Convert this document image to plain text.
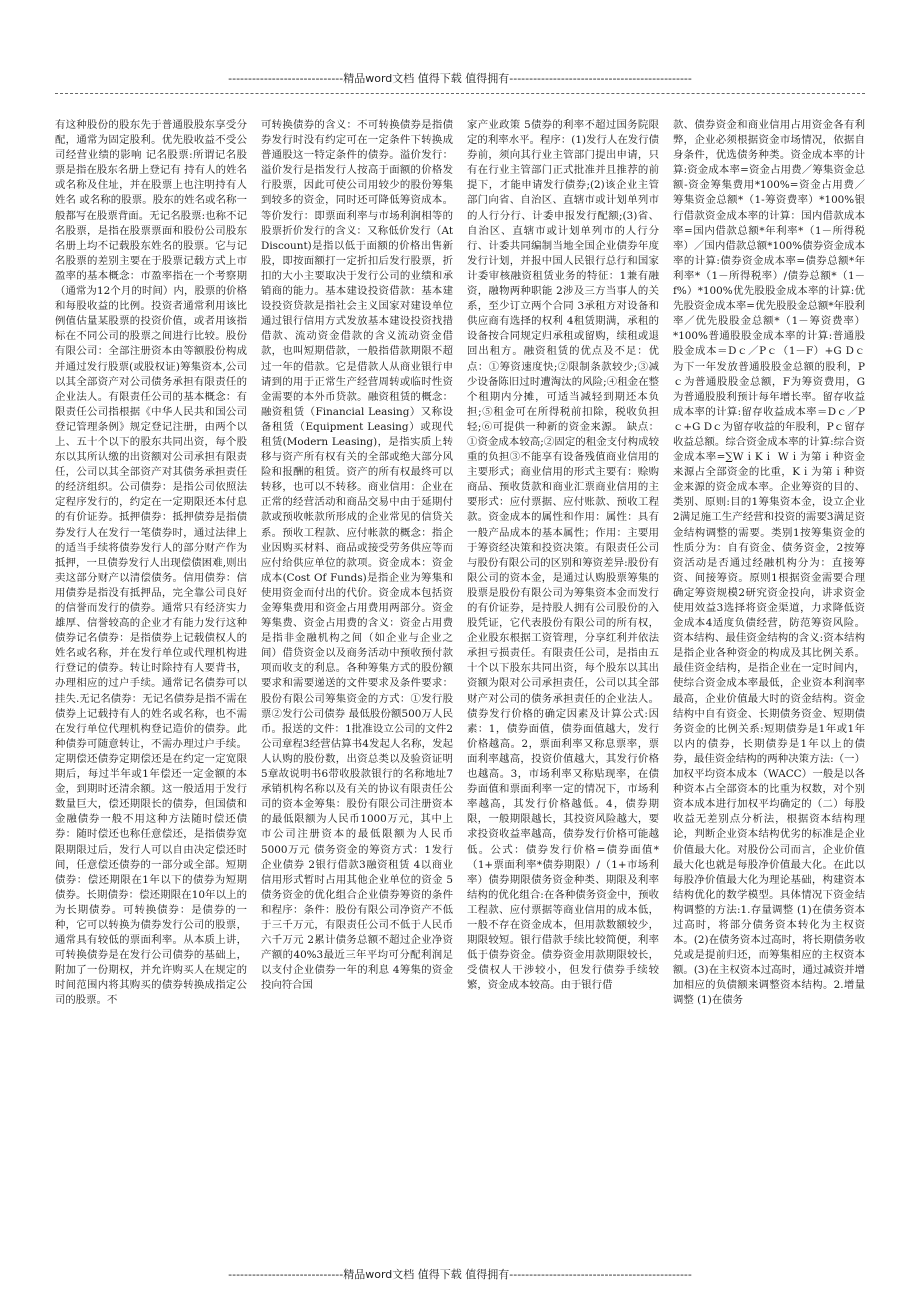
-----------------------------精品word文档 值得下载 值得拥有----------------------------------------------

有这种股份的股东先于普通股股东享受分配，通常为固定股利。优先股收益不受公司经营业绩的影响 记名股票:所谓记名股票是指在股东名册上登记有 持有人的姓名或名称及住址，并在股票上也注明持有人姓名 或名称的股票。股东的姓名或名称一般都写在股票背面。无记名股票:也称不记名股票，是指在股票票面和股份公司股东名册上均不记载股东姓名的股票。它与记名股票的差别主要在于股票记载方式上市盈率的基本概念：市盈率指在一个考察期（通常为12个月的时间）内，股票的价格和每股收益的比例。投资者通常利用该比例值估量某股票的投资价值，或者用该指标在不同公司的股票之间进行比较。股份有限公司：全部注册资本由等额股份构成并通过发行股票(或股权证)筹集资本,公司以其全部资产对公司债务承担有限责任的企业法人。有限责任公司的基本概念：有限责任公司指根据《中华人民共和国公司登记管理条例》规定登记注册，由两个以上、五十个以下的股东共同出资，每个股东以其所认缴的出资额对公司承担有限责任，公司以其全部资产对其债务承担责任的经济组织。公司债券：是指公司依照法定程序发行的，约定在一定期限还本付息的有价证券。抵押债券：抵押债券是指债券发行人在发行一笔债券时，通过法律上的适当手续将债券发行人的部分财产作为抵押，一旦债券发行人出现偿债困难,则出卖这部分财产以清偿债务。信用债券：信用债券是指没有抵押品，完全靠公司良好的信誉而发行的债券。通常只有经济实力雄厚、信誉较高的企业才有能力发行这种债券记名债券：是指债券上记载债权人的姓名或名称，并在发行单位或代理机构进行登记的债券。转让时除持有人要背书，办理相应的过户手续。通常记名债券可以挂失.无记名债券：无记名债券是指不需在债券上记载持有人的姓名或名称，也不需在发行单位代理机构登记造价的债券。此种债券可随意转让，不需办理过户手续。定期偿还债券定期偿还是在约定一定宽限期后，每过半年或1年偿还一定金额的本金，到期时还清余额。这一般适用于发行数量巨大，偿还期限长的债券，但国债和金融债券一般不用这种方法随时偿还债券：随时偿还也称任意偿还，是指债券宽限期限过后，发行人可以自由决定偿还时间，任意偿还债券的一部分或全部。短期债券：偿还期限在1年以下的债券为短期债券。长期债券：偿还期限在10年以上的为长期债券。可转换债券：是债券的一种，它可以转换为债券发行公司的股票，通常具有较低的票面利率。从本质上讲，可转换债券是在发行公司债券的基础上，附加了一份期权，并允许购买人在规定的时间范围内将其购买的债券转换成指定公司的股票。不

可转换债券的含义：不可转换债券是指债券发行时没有约定可在一定条件下转换成普通股这一特定条件的债券。溢价发行：溢价发行是指发行人按高于面额的价格发行股票，因此可使公司用较少的股份筹集到较多的资金，同时还可降低筹资成本。等价发行：即票面利率与市场利润相等的股票折价发行的含义：又称低价发行（At Discount)是指以低于面额的价格出售新股，即按面额打一定折扣后发行股票，折扣的大小主要取决于发行公司的业绩和承销商的能力。基本建设投资借款：基本建设投资贷款是指社会主义国家对建设单位通过银行信用方式发放基本建设投资找措借款、流动资金借款的含义流动资金借款，也叫短期借款，一般指借款期限不超过一年的借款。它是借款人从商业银行申请到的用于正常生产经营周转或临时性资金需要的本外币贷款。融资租赁的概念：融资租赁（Financial Leasing）又称设备租赁（Equipment Leasing）或现代租赁(Modern Leasing)，是指实质上转移与资产所有权有关的全部或绝大部分风险和报酬的租赁。资产的所有权最终可以转移，也可以不转移。商业信用：企业在正常的经营活动和商品交易中由于延期付款或预收帐款所形成的企业常见的信贷关系。预收工程款、应付帐款的概念：指企业因购买材料、商品或接受劳务供应等而应付给供应单位的款项。资金成本：资金成本(Cost Of Funds)是指企业为筹集和使用资金而付出的代价。资金成本包括资金筹集费用和资金占用费用两部分。资金筹集费、资金占用费的含义：资金占用费是指非金融机构之间（如企业与企业之间）借贷资金以及商务活动中预收预付款项而收支的利息。各种筹集方式的股份额要求和需要递送的文件要求及条件要求：股份有限公司筹集资金的方式：①发行股票②发行公司债券 最低股份额500万人民币。报送的文件：1批准设立公司的文件2公司章程3经营估算书4发起人名称，发起人认购的股份数，出资总类以及验资证明5章故说明书6带收股款银行的名称地址7承销机构名称以及有关的协议有限责任公司的资本金筹集：股份有限公司注册资本的最低限额为人民币1000万元，其中上市公司注册资本的最低限额为人民币5000万元 债务资金的筹资方式：1发行企业债券 2银行借款3融资租赁 4以商业信用形式暂时占用其他企业单位的资金 5债务资金的优化组合企业债券筹资的条件和程序：条件：股份有限公司净资产不低于三千万元，有限责任公司不低于人民币六千万元 2累计债务总额不超过企业净资产额的40%3最近三年平均可分配利润足以支付企业债券一年的利息 4筹集的资金投向符合国

家产业政策 5债券的利率不超过国务院限定的利率水平。程序：(1)发行人在发行债券前，须向其行业主管部门提出申请，只有在行业主管部门正式批准并且推荐的前提下，才能申请发行债券;(2)该企业主管部门向省、自治区、直辖市或计划单列市的人行分行、计委申报发行配额;(3)省、自治区、直辖市或计划单列市的人行分行、计委共同编制当地全国企业债券年度发行计划，并报中国人民银行总行和国家计委审核融资租赁业务的特征：1兼有融资，融物两种职能 2涉及三方当事人的关系，至少订立两个合同 3承租方对设备和供应商有选择的权利 4租赁期满，承租的设备按合同规定归承租或留购，续租或退回出租方。融资租赁的优点及不足：优点：①筹资速度快;②限制条款较少;③减少设备陈旧过时遭淘汰的风险;④租金在整个租期内分摊，可适当减轻到期还本负担;⑤租金可在所得税前扣除，税收负担轻;⑥可提供一种新的资金来源。 缺点：①资金成本较高;②固定的租金支付构成较重的负担③不能享有设备残值商业信用的主要形式；商业信用的形式主要有：赊购商品、预收货款和商业汇票商业信用的主要形式：应付票据、应付账款、预收工程款。资金成本的属性和作用：属性：具有一般产品成本的基本属性；作用：主要用于筹资经决策和投资决策。有限责任公司与股份有限公司的区别和筹资差异:股份有限公司的资本金，是通过认购股票筹集的股票是股份有限公司为筹集资本金而发行的有价证券，是持股人拥有公司股份的入股凭证，它代表股份有限公司的所有权，企业股东根据工资管理，分享红利并依法承担亏损责任。有限责任公司，是指由五十个以下股东共同出资，每个股东以其出资额为限对公司承担责任，公司以其全部财产对公司的债务承担责任的企业法人。债券发行价格的确定因素及计算公式:因素：1，债券面值，债券面值越大，发行价格越高。2，票面利率又称息票率，票面利率越高，投资价值越大，其发行价格也越高。3，市场利率又称贴现率，在债券面值和票面利率一定的情况下，市场利率越高，其发行价格越低。4，债券期限，一般期限越长，其投资风险越大，要求投资收益率越高，债券发行价格可能越低。公式：债券发行价格=债券面值*（1+票面利率*债券期限）/（1+市场利率）债券期限债务资金种类、期限及利率结构的优化组合:在各种债务资金中，预收工程款、应付票据等商业信用的成本低，一般不存在资金成本，但用款数额较少，期限较短。银行借款手续比较简便，利率低于债券资金。债券资金用款期限较长，受债权人干涉较小，但发行债券手续较繁，资金成本较高。由于银行借

款、债券资金和商业信用占用资金各有利弊，企业必须根据资金市场情况，依据自身条件，优选债务种类。资金成本率的计算:资金成本率=资金占用费／筹集资金总额-资金筹集费用*100%=资金占用费／筹集资金总额*（1-筹资费率）*100%银行借款资金成本率的计算：国内借款成本率=国内借款总额*年利率*（1－所得税率）／国内借款总额*100%债券资金成本率的计算:债券资金成本率=债券总额*年利率*（1－所得税率）/债券总额*（1－f%）*100%优先股股金成本率的计算:优先股资金成本率=优先股股金总额*年股利率／优先股股金总额*（1－筹资费率）*100%普通股股金成本率的计算:普通股股金成本＝Dｃ／Pｃ（1－F）+G Dｃ为下一年发放普通股股金总额的股利，Pｃ为普通股股金总额，F为筹资费用，G为普通股股利预计每年增长率。留存收益成本率的计算:留存收益成本率＝Dｃ／Pｃ+G Dｃ为留存收益的年股利，Pｃ留存收益总额。综合资金成本率的计算:综合资金成本率=∑WｉKｉ Wｉ为第ｉ种资金来源占全部资金的比重，Kｉ为第ｉ种资金来源的资金成本率。企业筹资的目的、类别、原则:目的1筹集资本金，设立企业2满足施工生产经营和投资的需要3满足资金结构调整的需要。类别1按筹集资金的性质分为：自有资金、债务资金，2按筹资活动是否通过经融机构分为：直接筹资、间接筹资。原则1根据资金需要合理确定筹资规模2研究资金投向，讲求资金使用效益3选择将资金渠道，力求降低资金成本4适度负债经营，防范筹资风险。资本结构、最佳资金结构的含义:资本结构是指企业各种资金的构成及其比例关系。最佳资金结构，是指企业在一定时间内，使综合资金成本率最低，企业资本利润率最高，企业价值最大时的资金结构。资金结构中自有资金、长期债务资金、短期债务资金的比例关系:短期债券是1年或1年以内的债券，长期债券是1年以上的债券，最佳资金结构的两种决策方法:（一）加权平均资本成本（WACC）一般是以各种资本占全部资本的比重为权数，对个别资本成本进行加权平均确定的（二）每股收益无差别点分析法，根据资本结构理论，判断企业资本结构优劣的标准是企业价值最大化。对股份公司而言，企业价值最大化也就是每股净价值最大化。在此以每股净价值最大化为理论基础，构建资本结构优化的数学模型。具体情况下资金结构调整的方法:1.存量调整 (1)在债务资本过高时，将部分债务资本转化为主权资本。(2)在债务资本过高时，将长期债务收兑或是提前归还，而筹集相应的主权资本额。(3)在主权资本过高时，通过减资并增加相应的负债额来调整资本结构。2.增量调整 (1)在债务

-----------------------------精品word文档 值得下载 值得拥有----------------------------------------------
